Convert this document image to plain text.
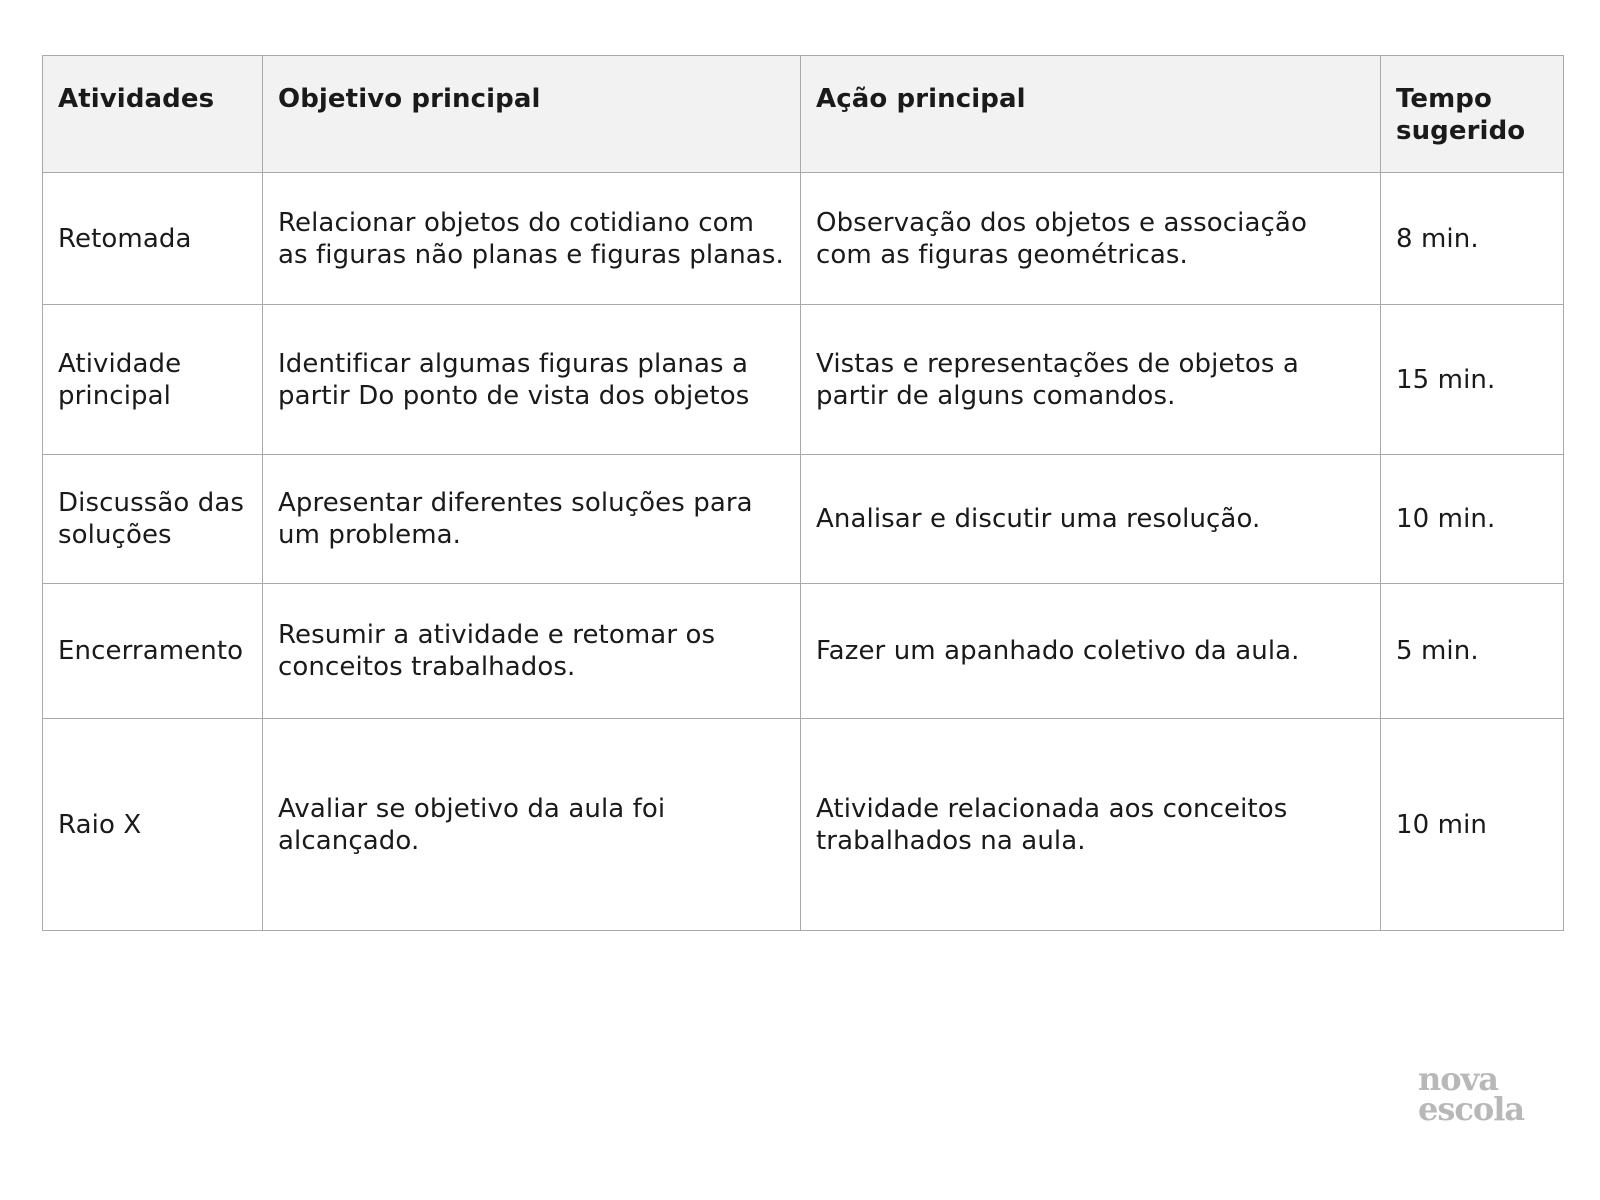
Atividades	Objetivo principal	Ação principal	Tempo sugerido
Retomada	Relacionar objetos do cotidiano com as figuras não planas e figuras planas.	Observação dos objetos e associação com as figuras geométricas.	8 min.
Atividade principal	Identificar algumas figuras planas a partir Do ponto de vista dos objetos	Vistas e representações de objetos a partir de alguns comandos.	15 min.
Discussão das soluções	Apresentar diferentes soluções para um problema.	Analisar e discutir uma resolução.	10 min.
Encerramento	Resumir a atividade e retomar os conceitos trabalhados.	Fazer um apanhado coletivo da aula.	5 min.
Raio X	Avaliar se objetivo da aula foi alcançado.	Atividade relacionada aos conceitos trabalhados na aula.	10 min
nova
escola
